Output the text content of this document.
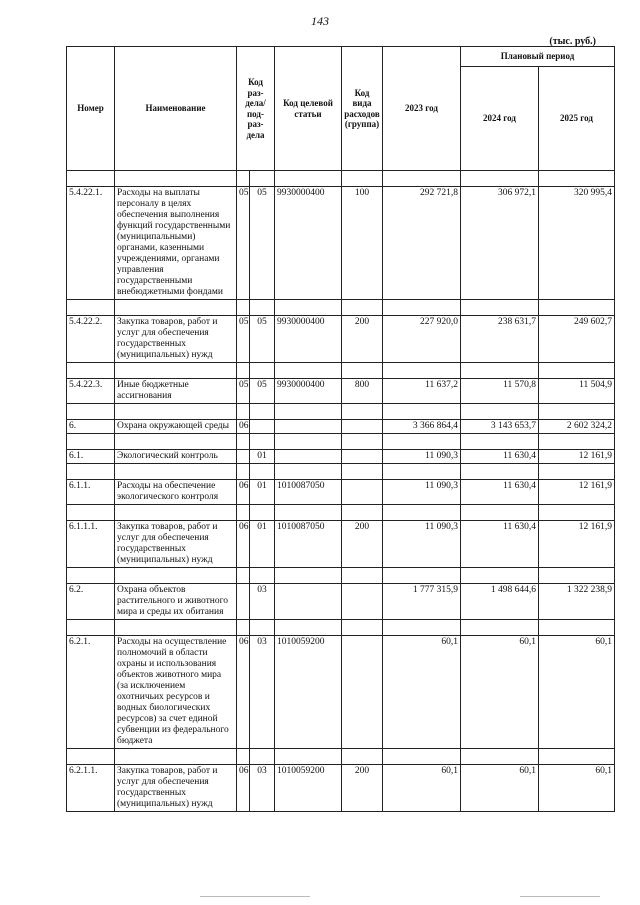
143
(тыс. руб.)
Номер	Наименование	Код раз-дела/ под-раз-дела		Код целевой статьи	Код вида расходов (группа)	2023 год	Плановый период	
							2024 год	2025 год

5.4.22.1.	Расходы на выплаты персоналу в целях обеспечения выполнения функций государственными (муниципальными) органами, казенными учреждениями, органами управления государственными внебюджетными фондами	05	05	9930000400	100	292 721,8	306 972,1	320 995,4

5.4.22.2.	Закупка товаров, работ и услуг для обеспечения государственных (муниципальных) нужд	05	05	9930000400	200	227 920,0	238 631,7	249 602,7

5.4.22.3.	Иные бюджетные ассигнования	05	05	9930000400	800	11 637,2	11 570,8	11 504,9

6.	Охрана окружающей среды	06				3 366 864,4	3 143 653,7	2 602 324,2

6.1.	Экологический контроль		01			11 090,3	11 630,4	12 161,9

6.1.1.	Расходы на обеспечение экологического контроля	06	01	1010087050		11 090,3	11 630,4	12 161,9

6.1.1.1.	Закупка товаров, работ и услуг для обеспечения государственных (муниципальных) нужд	06	01	1010087050	200	11 090,3	11 630,4	12 161,9

6.2.	Охрана объектов растительного и животного мира и среды их обитания		03			1 777 315,9	1 498 644,6	1 322 238,9

6.2.1.	Расходы на осуществление полномочий в области охраны и использования объектов животного мира (за исключением охотничьих ресурсов и водных биологических ресурсов) за счет единой субвенции из федерального бюджета	06	03	1010059200		60,1	60,1	60,1

6.2.1.1.	Закупка товаров, работ и услуг для обеспечения государственных (муниципальных) нужд	06	03	1010059200	200	60,1	60,1	60,1
